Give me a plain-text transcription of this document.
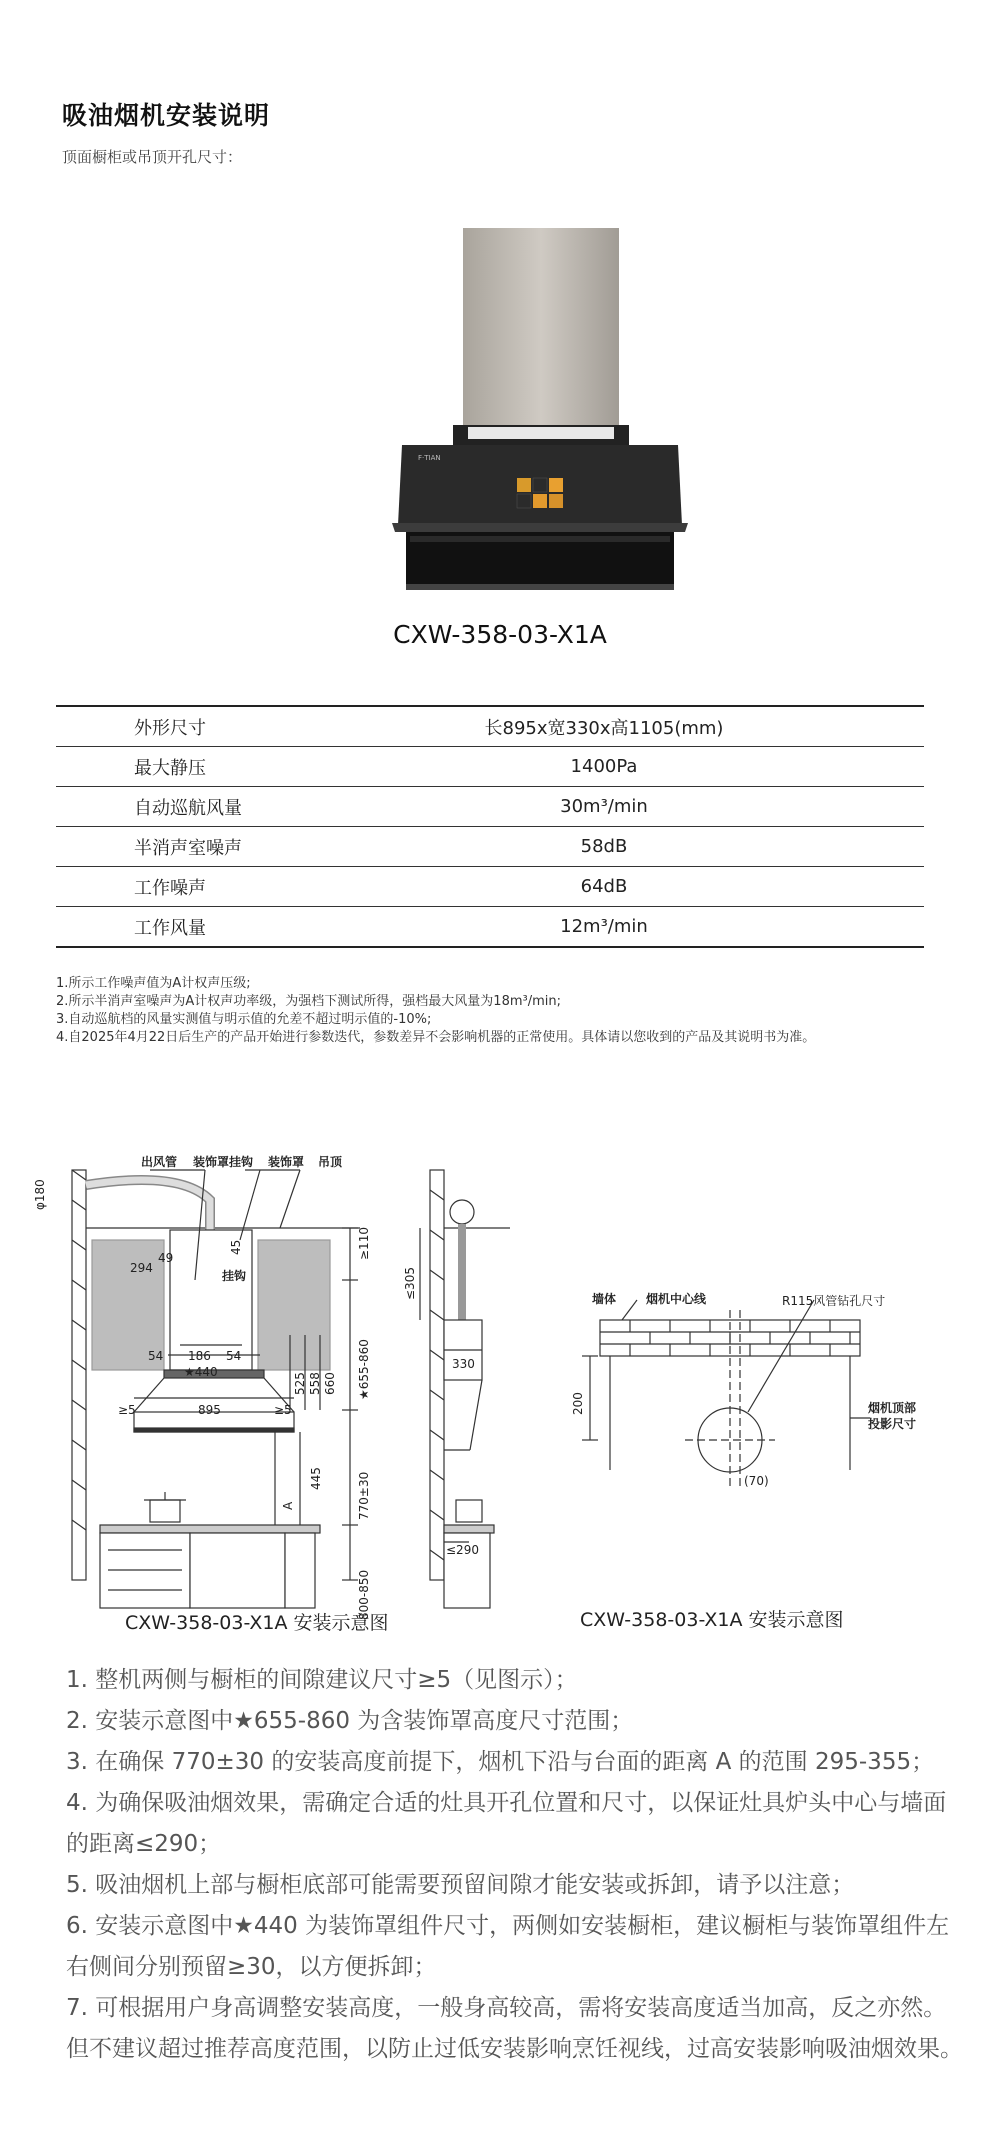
吸油烟机安装说明
顶面橱柜或吊顶开孔尺寸：
F·TIAN
CXW-358-03-X1A
外形尺寸	长895x宽330x高1105(mm)
最大静压	1400Pa
自动巡航风量	30m³/min
半消声室噪声	58dB
工作噪声	64dB
工作风量	12m³/min
1.所示工作噪声值为A计权声压级;
2.所示半消声室噪声为A计权声功率级，为强档下测试所得，强档最大风量为18m³/min;
3.自动巡航档的风量实测值与明示值的允差不超过明示值的-10%;
4.自2025年4月22日后生产的产品开始进行参数迭代，参数差异不会影响机器的正常使用。具体请以您收到的产品及其说明书为准。
出风管 装饰罩挂钩 装饰罩 吊顶
挂钩
墙体 烟机中心线
烟机顶部
投影尺寸
φ180
≥110
45
49
294
54 186 54
★440
525 558 660 ★655-860
≥5	895	≥5
445
A	770±30
800-850
≤305
330
≤290
R115风管钻孔尺寸
200
(70)
CXW-358-03-X1A 安装示意图	CXW-358-03-X1A 安装示意图
1. 整机两侧与橱柜的间隙建议尺寸≥5（见图示）；
2. 安装示意图中★655-860 为含装饰罩高度尺寸范围；
3. 在确保 770±30 的安装高度前提下，烟机下沿与台面的距离 A 的范围 295-355；
4. 为确保吸油烟效果，需确定合适的灶具开孔位置和尺寸，以保证灶具炉头中心与墙面的距离≤290；
5. 吸油烟机上部与橱柜底部可能需要预留间隙才能安装或拆卸，请予以注意；
6. 安装示意图中★440 为装饰罩组件尺寸，两侧如安装橱柜，建议橱柜与装饰罩组件左右侧间分别预留≥30，以方便拆卸；
7. 可根据用户身高调整安装高度，一般身高较高，需将安装高度适当加高，反之亦然。但不建议超过推荐高度范围，以防止过低安装影响烹饪视线，过高安装影响吸油烟效果。
